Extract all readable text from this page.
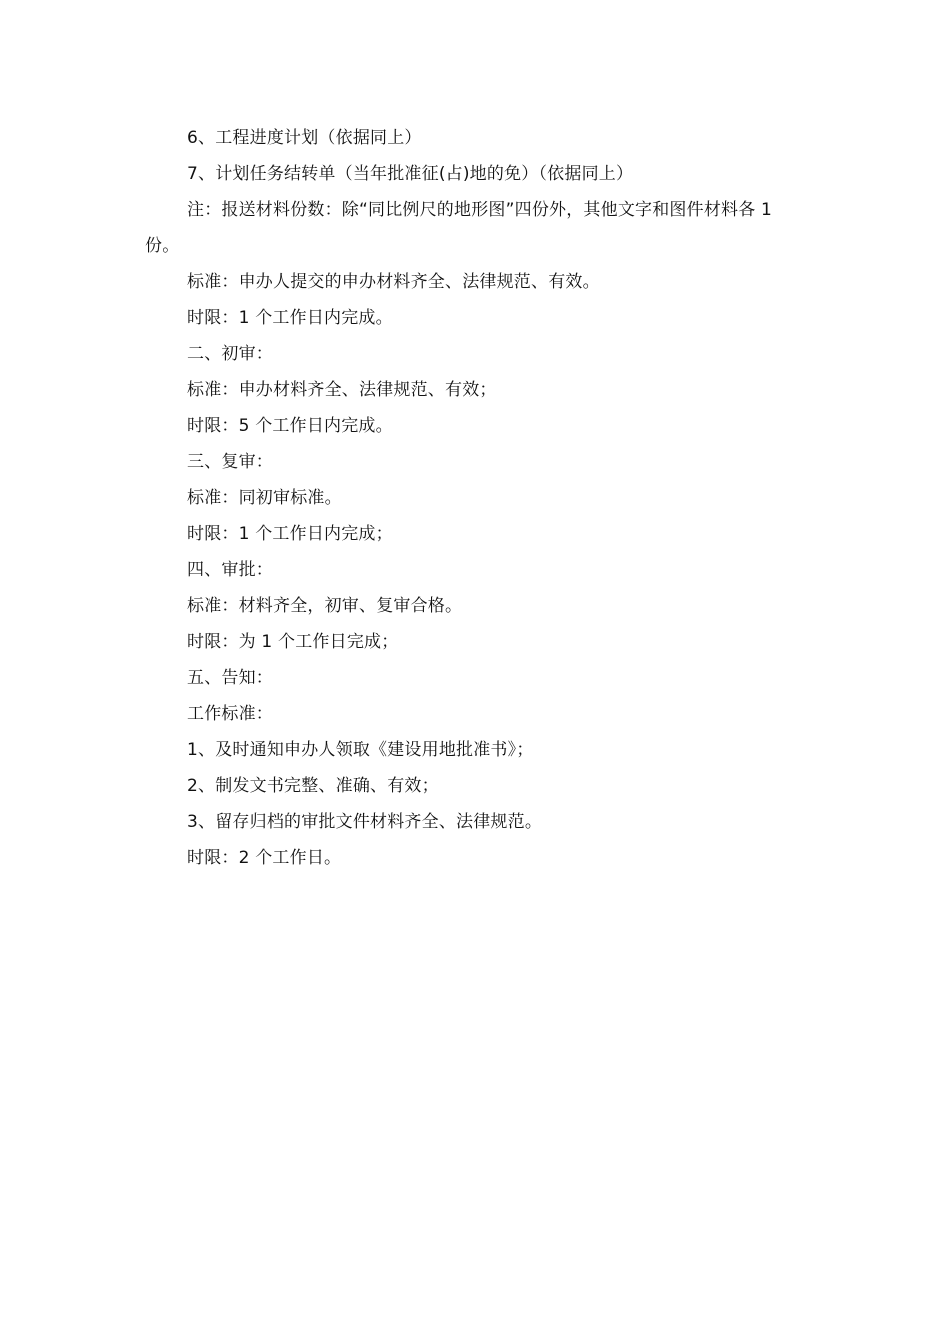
6、工程进度计划（依据同上）
7、计划任务结转单（当年批准征(占)地的免）（依据同上）
注：报送材料份数：除“同比例尺的地形图”四份外，其他文字和图件材料各 1 份。
标准：申办人提交的申办材料齐全、法律规范、有效。
时限：1 个工作日内完成。
二、初审：
标准：申办材料齐全、法律规范、有效；
时限：5 个工作日内完成。
三、复审：
标准：同初审标准。
时限：1 个工作日内完成；
四、审批：
标准：材料齐全，初审、复审合格。
时限：为 1 个工作日完成；
五、告知：
工作标准：
1、及时通知申办人领取《建设用地批准书》；
2、制发文书完整、准确、有效；
3、留存归档的审批文件材料齐全、法律规范。
时限：2 个工作日。
